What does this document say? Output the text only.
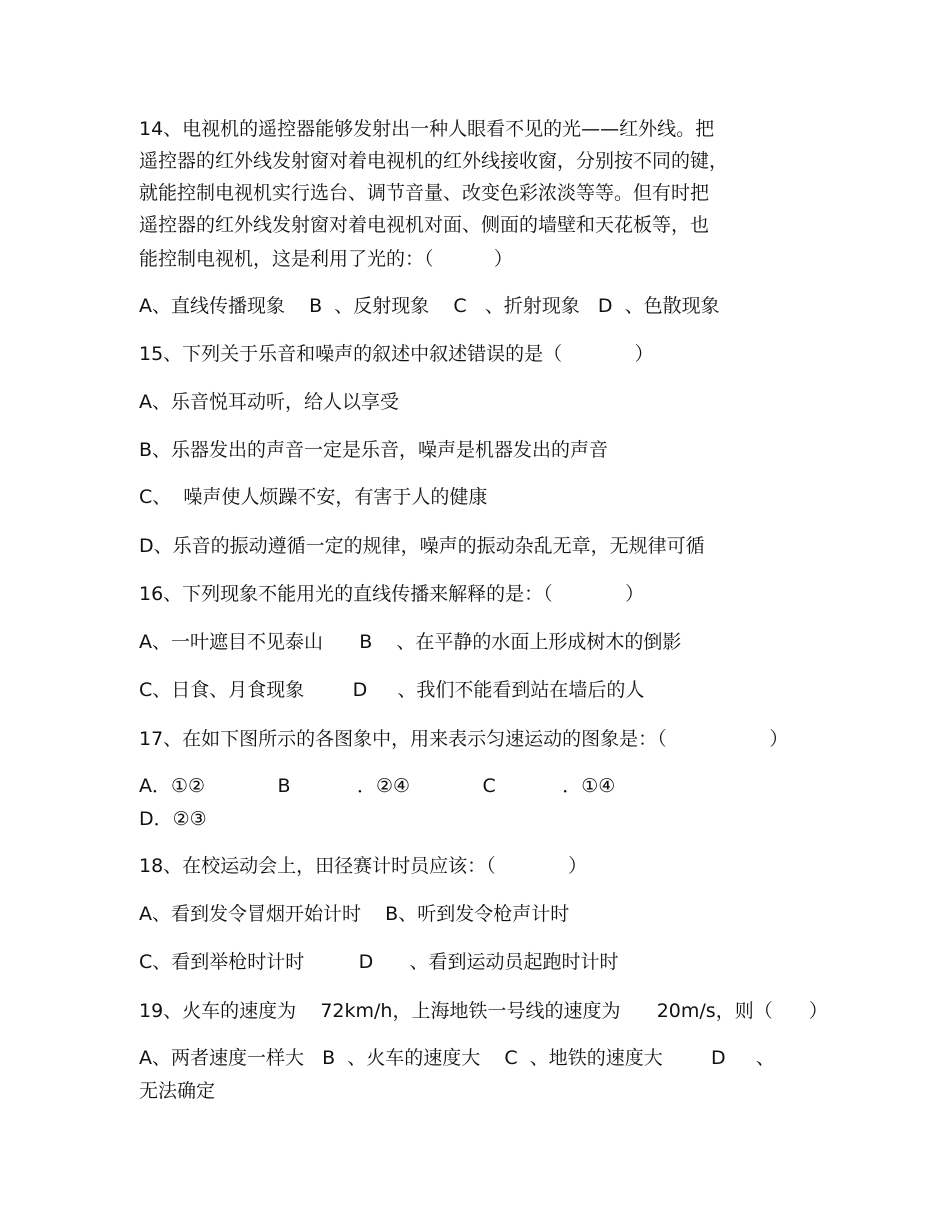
14、电视机的遥控器能够发射出一种人眼看不见的光——红外线。把
遥控器的红外线发射窗对着电视机的红外线接收窗，分别按不同的键，
就能控制电视机实行选台、调节音量、改变色彩浓淡等等。但有时把
遥控器的红外线发射窗对着电视机对面、侧面的墙壁和天花板等，也
能控制电视机，这是利用了光的：（          ）
A、直线传播现象    B  、反射现象    C   、折射现象   D  、色散现象
15、下列关于乐音和噪声的叙述中叙述错误的是（            ）
A、乐音悦耳动听，给人以享受
B、乐器发出的声音一定是乐音，噪声是机器发出的声音
C、  噪声使人烦躁不安，有害于人的健康
D、乐音的振动遵循一定的规律，噪声的振动杂乱无章，无规律可循
16、下列现象不能用光的直线传播来解释的是：（            ）
A、一叶遮目不见泰山      B    、在平静的水面上形成树木的倒影
C、日食、月食现象        D     、我们不能看到站在墙后的人
17、在如下图所示的各图象中，用来表示匀速运动的图象是：（                 ）
A．①②            B           ．②④            C           ．①④
D．②③
18、在校运动会上，田径赛计时员应该：（            ）
A、看到发令冒烟开始计时    B、听到发令枪声计时
C、看到举枪时计时         D      、看到运动员起跑时计时
19、火车的速度为    72km/h，上海地铁一号线的速度为      20m/s，则（      ）
A、两者速度一样大   B  、火车的速度大    C  、地铁的速度大        D     、
无法确定
